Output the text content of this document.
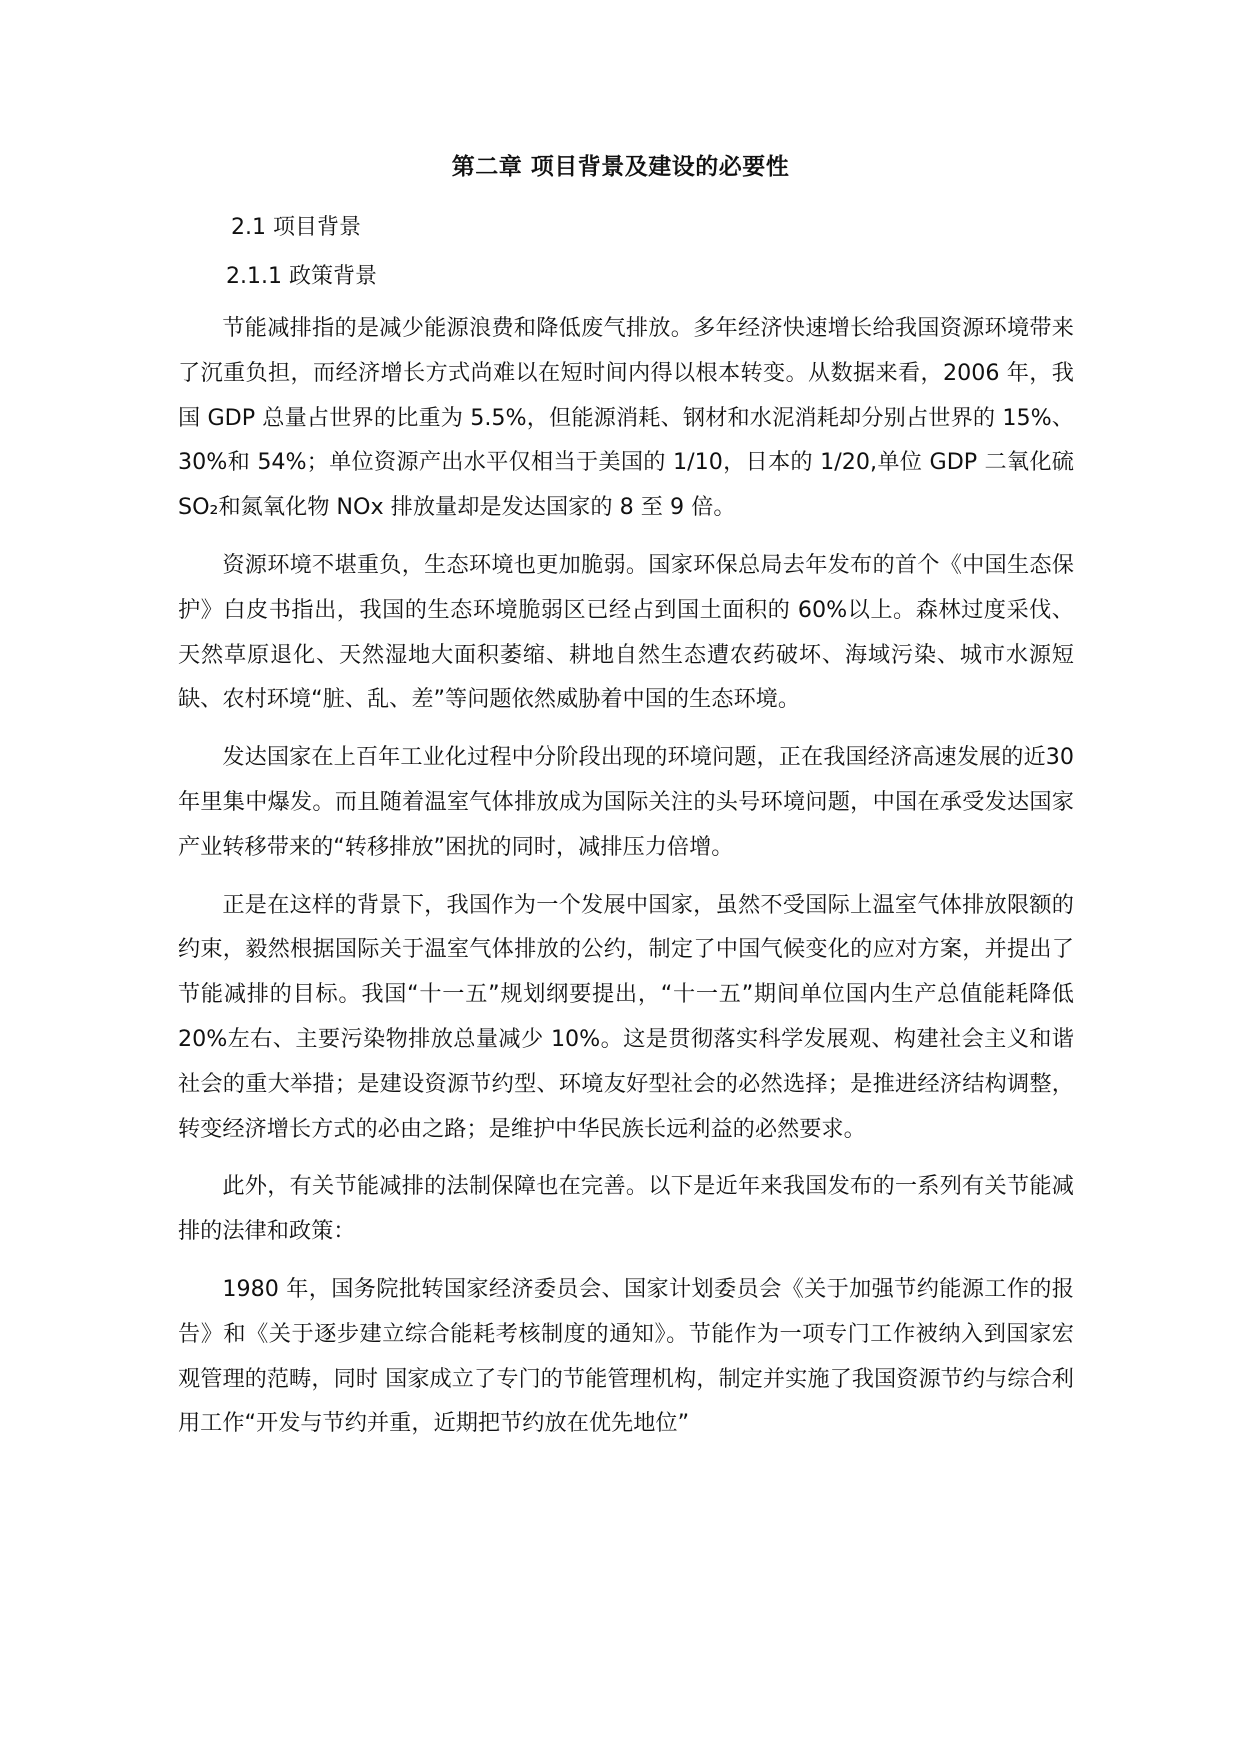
第二章 项目背景及建设的必要性
2.1 项目背景
2.1.1 政策背景

节能减排指的是减少能源浪费和降低废气排放。多年经济快速增长给我国资源环境带来了沉重负担，而经济增长方式尚难以在短时间内得以根本转变。从数据来看，2006 年，我国 GDP 总量占世界的比重为 5.5%，但能源消耗、钢材和水泥消耗却分别占世界的 15%、30%和 54%；单位资源产出水平仅相当于美国的 1/10，日本的 1/20,单位 GDP 二氧化硫 SO₂和氮氧化物 NOx 排放量却是发达国家的 8 至 9 倍。

资源环境不堪重负，生态环境也更加脆弱。国家环保总局去年发布的首个《中国生态保护》白皮书指出，我国的生态环境脆弱区已经占到国土面积的 60%以上。森林过度采伐、天然草原退化、天然湿地大面积萎缩、耕地自然生态遭农药破坏、海域污染、城市水源短缺、农村环境“脏、乱、差”等问题依然威胁着中国的生态环境。

发达国家在上百年工业化过程中分阶段出现的环境问题，正在我国经济高速发展的近30年里集中爆发。而且随着温室气体排放成为国际关注的头号环境问题，中国在承受发达国家产业转移带来的“转移排放”困扰的同时，减排压力倍增。

正是在这样的背景下，我国作为一个发展中国家，虽然不受国际上温室气体排放限额的约束，毅然根据国际关于温室气体排放的公约，制定了中国气候变化的应对方案，并提出了节能减排的目标。我国“十一五”规划纲要提出，“十一五”期间单位国内生产总值能耗降低 20%左右、主要污染物排放总量减少 10%。这是贯彻落实科学发展观、构建社会主义和谐社会的重大举措；是建设资源节约型、环境友好型社会的必然选择；是推进经济结构调整，转变经济增长方式的必由之路；是维护中华民族长远利益的必然要求。

此外，有关节能减排的法制保障也在完善。以下是近年来我国发布的一系列有关节能减排的法律和政策：

1980 年，国务院批转国家经济委员会、国家计划委员会《关于加强节约能源工作的报告》和《关于逐步建立综合能耗考核制度的通知》。节能作为一项专门工作被纳入到国家宏观管理的范畴，同时 国家成立了专门的节能管理机构，制定并实施了我国资源节约与综合利用工作“开发与节约并重，近期把节约放在优先地位”
